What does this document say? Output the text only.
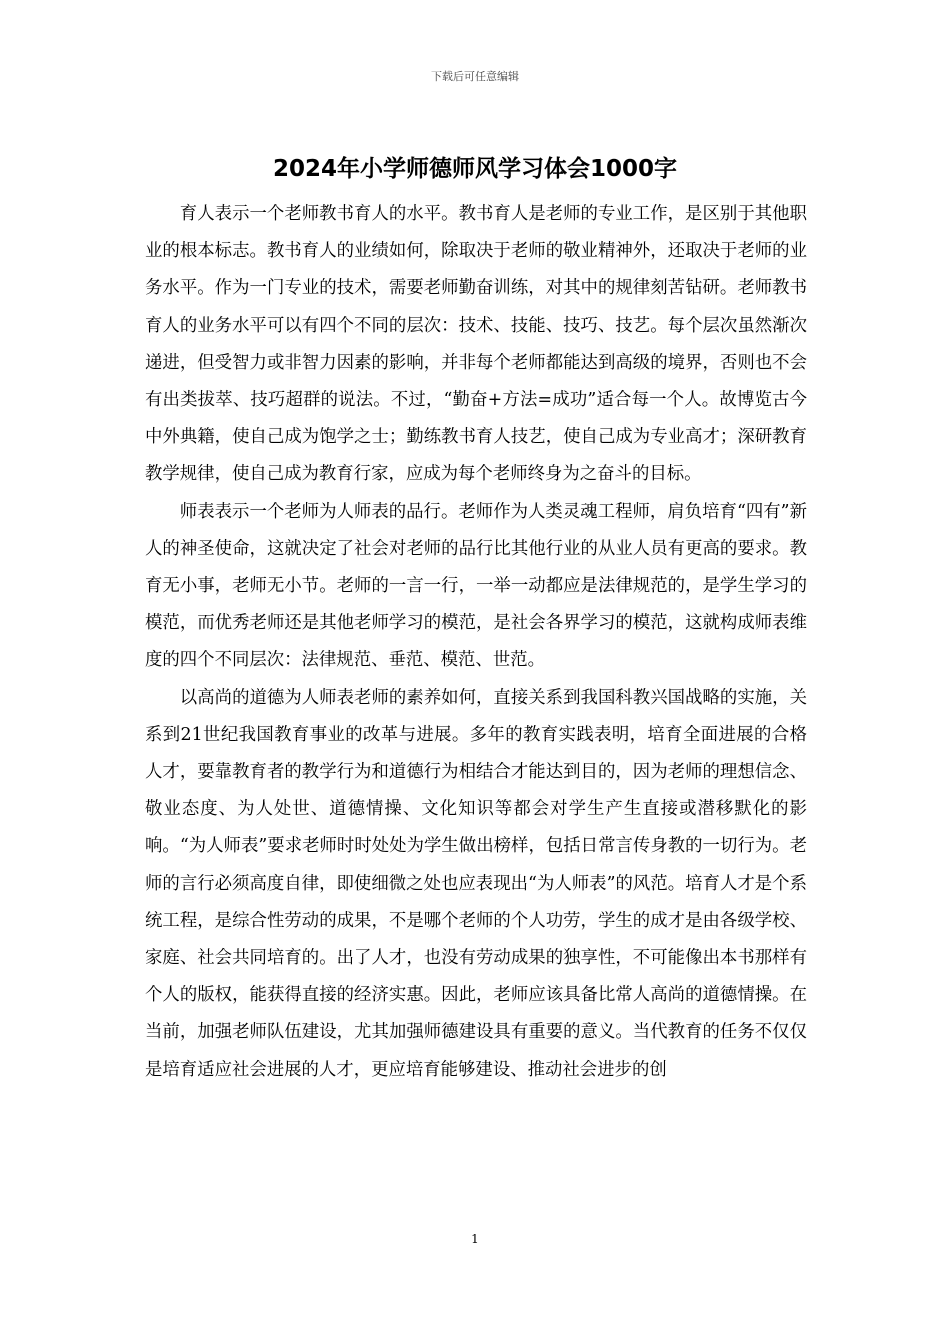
下载后可任意编辑
2024年小学师德师风学习体会1000字

育人表示一个老师教书育人的水平。教书育人是老师的专业工作，是区别于其他职业的根本标志。教书育人的业绩如何，除取决于老师的敬业精神外，还取决于老师的业务水平。作为一门专业的技术，需要老师勤奋训练，对其中的规律刻苦钻研。老师教书育人的业务水平可以有四个不同的层次：技术、技能、技巧、技艺。每个层次虽然渐次递进，但受智力或非智力因素的影响，并非每个老师都能达到高级的境界，否则也不会有出类拔萃、技巧超群的说法。不过，“勤奋+方法=成功”适合每一个人。故博览古今中外典籍，使自己成为饱学之士；勤练教书育人技艺，使自己成为专业高才；深研教育教学规律，使自己成为教育行家，应成为每个老师终身为之奋斗的目标。

师表表示一个老师为人师表的品行。老师作为人类灵魂工程师，肩负培育“四有”新人的神圣使命，这就决定了社会对老师的品行比其他行业的从业人员有更高的要求。教育无小事，老师无小节。老师的一言一行，一举一动都应是法律规范的，是学生学习的模范，而优秀老师还是其他老师学习的模范，是社会各界学习的模范，这就构成师表维度的四个不同层次：法律规范、垂范、模范、世范。

以高尚的道德为人师表老师的素养如何，直接关系到我国科教兴国战略的实施，关系到21世纪我国教育事业的改革与进展。多年的教育实践表明，培育全面进展的合格人才，要靠教育者的教学行为和道德行为相结合才能达到目的，因为老师的理想信念、敬业态度、为人处世、道德情操、文化知识等都会对学生产生直接或潜移默化的影响。“为人师表”要求老师时时处处为学生做出榜样，包括日常言传身教的一切行为。老师的言行必须高度自律，即使细微之处也应表现出“为人师表”的风范。培育人才是个系统工程，是综合性劳动的成果，不是哪个老师的个人功劳，学生的成才是由各级学校、家庭、社会共同培育的。出了人才，也没有劳动成果的独享性，不可能像出本书那样有个人的版权，能获得直接的经济实惠。因此，老师应该具备比常人高尚的道德情操。在当前，加强老师队伍建设，尤其加强师德建设具有重要的意义。当代教育的任务不仅仅是培育适应社会进展的人才，更应培育能够建设、推动社会进步的创

1
